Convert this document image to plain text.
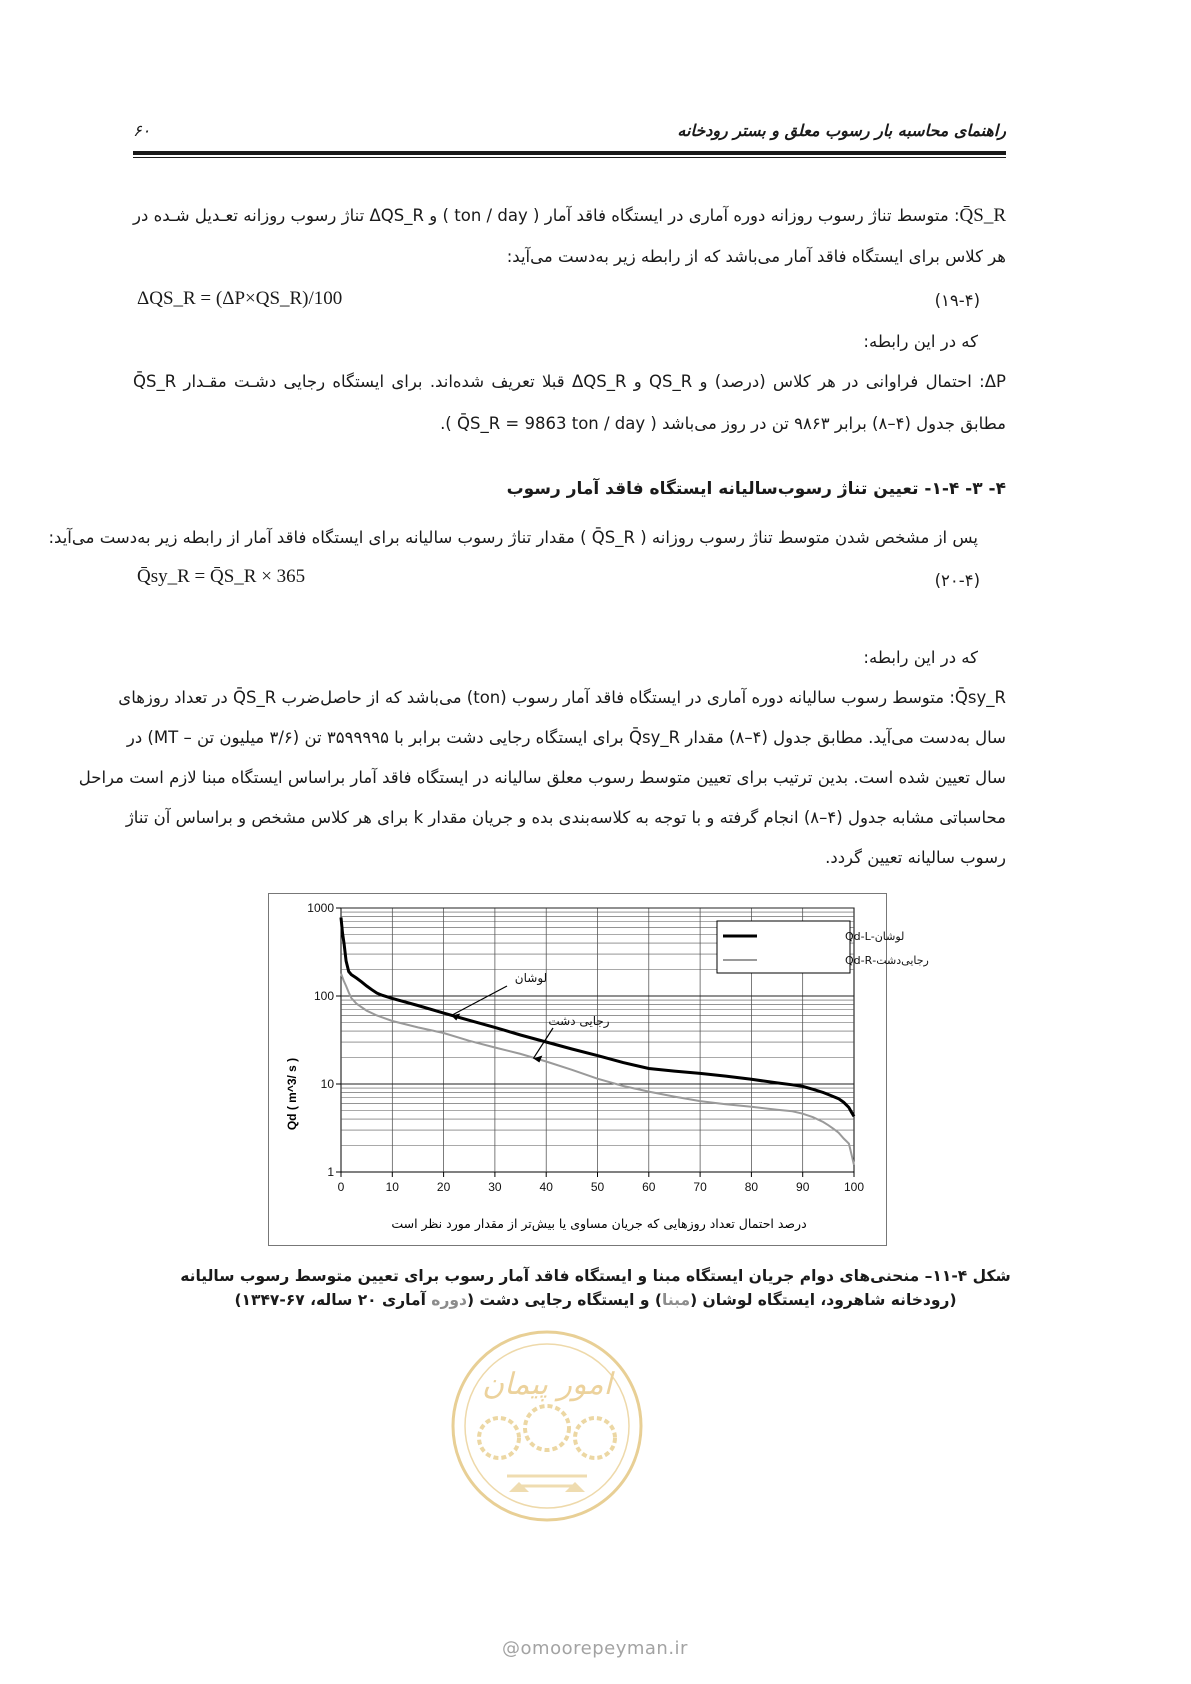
۶۰	راهنمای محاسبه بار رسوب معلق و بستر رودخانه

Q̄S_R: متوسط تناژ رسوب روزانه دوره آماری در ایستگاه فاقد آمار ( ton / day ) و ΔQS_R تناژ رسوب روزانه تعـدیل شـده در

هر کلاس برای ایستگاه فاقد آمار می‌باشد که از رابطه زیر به‌دست می‌آید:

ΔQS_R = (ΔP×QS_R)/100	(۱۹-۴)

که در این رابطه:

ΔP: احتمال فراوانی در هر کلاس (درصد) و QS_R و ΔQS_R قبلا تعریف شده‌اند. برای ایستگاه رجایی دشـت مقـدار Q̄S_R

مطابق جدول (۴–۸) برابر ۹۸۶۳ تن در روز می‌باشد ( Q̄S_R = 9863 ton / day ).

۴- ۳- ۱-۴- تعیین تناژ رسوب‌سالیانه ایستگاه فاقد آمار رسوب

پس از مشخص شدن متوسط تناژ رسوب روزانه ( Q̄S_R ) مقدار تناژ رسوب سالیانه برای ایستگاه فاقد آمار از رابطه زیر به‌دست می‌آید:

Q̄sy_R = Q̄S_R × 365	(۲۰-۴)

که در این رابطه:

Q̄sy_R: متوسط رسوب سالیانه دوره آماری در ایستگاه فاقد آمار رسوب (ton) می‌باشد که از حاصل‌ضرب Q̄S_R در تعداد روزهای

سال به‌دست می‌آید. مطابق جدول (۴–۸) مقدار Q̄sy_R برای ایستگاه رجایی دشت برابر با ۳۵۹۹۹۹۵ تن (۳/۶ میلیون تن – MT) در

سال تعیین شده است. بدین ترتیب برای تعیین متوسط رسوب معلق سالیانه در ایستگاه فاقد آمار براساس ایستگاه مبنا لازم است مراحل

محاسباتی مشابه جدول (۴–۸) انجام گرفته و با توجه به کلاسه‌بندی بده و جریان مقدار k برای هر کلاس مشخص و براساس آن تناژ

رسوب سالیانه تعیین گردد.

0	10	20	30	40	50	60	70	80	90	100
1
10
100
1000
لوشان-Qd-L
رجایی‌دشت-Qd-R
لوشان
رجایی دشت
Qd ( m^3/ s )
درصد احتمال تعداد روزهایی که جریان مساوی یا بیش‌تر از مقدار مورد نظر است
شکل ۴-۱۱– منحنی‌های دوام جریان ایستگاه مبنا و ایستگاه فاقد آمار رسوب برای تعیین متوسط رسوب سالیانه
(رودخانه شاهرود، ایستگاه لوشان (مبنا) و ایستگاه رجایی دشت (دوره آماری ۲۰ ساله، ۶۷-۱۳۴۷)
امور پیمان
@omoorepeyman.ir
